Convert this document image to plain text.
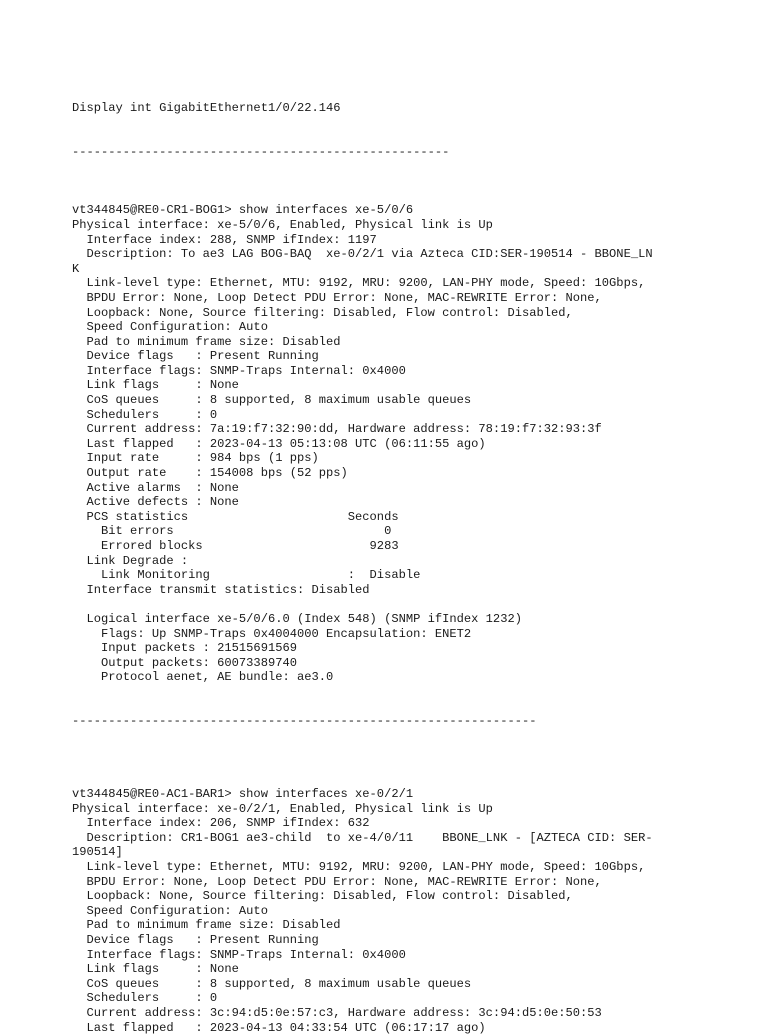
Display int GigabitEthernet1/0/22.146

----------------------------------------------------

vt344845@RE0-CR1-BOG1> show interfaces xe-5/0/6
Physical interface: xe-5/0/6, Enabled, Physical link is Up
Interface index: 288, SNMP ifIndex: 1197
Description: To ae3 LAG BOG-BAQ  xe-0/2/1 via Azteca CID:SER-190514 - BBONE_LN
K
Link-level type: Ethernet, MTU: 9192, MRU: 9200, LAN-PHY mode, Speed: 10Gbps,
BPDU Error: None, Loop Detect PDU Error: None, MAC-REWRITE Error: None,
Loopback: None, Source filtering: Disabled, Flow control: Disabled,
Speed Configuration: Auto
Pad to minimum frame size: Disabled
Device flags   : Present Running
Interface flags: SNMP-Traps Internal: 0x4000
Link flags     : None
CoS queues     : 8 supported, 8 maximum usable queues
Schedulers     : 0
Current address: 7a:19:f7:32:90:dd, Hardware address: 78:19:f7:32:93:3f
Last flapped   : 2023-04-13 05:13:08 UTC (06:11:55 ago)
Input rate     : 984 bps (1 pps)
Output rate    : 154008 bps (52 pps)
Active alarms  : None
Active defects : None
PCS statistics                      Seconds
Bit errors                             0
Errored blocks                       9283
Link Degrade :
Link Monitoring                   :  Disable
Interface transmit statistics: Disabled
Logical interface xe-5/0/6.0 (Index 548) (SNMP ifIndex 1232)
Flags: Up SNMP-Traps 0x4004000 Encapsulation: ENET2
Input packets : 21515691569
Output packets: 60073389740
Protocol aenet, AE bundle: ae3.0
----------------------------------------------------------------
vt344845@RE0-AC1-BAR1> show interfaces xe-0/2/1
Physical interface: xe-0/2/1, Enabled, Physical link is Up
Interface index: 206, SNMP ifIndex: 632
Description: CR1-BOG1 ae3-child  to xe-4/0/11    BBONE_LNK - [AZTECA CID: SER-
190514]
Link-level type: Ethernet, MTU: 9192, MRU: 9200, LAN-PHY mode, Speed: 10Gbps,
BPDU Error: None, Loop Detect PDU Error: None, MAC-REWRITE Error: None,
Loopback: None, Source filtering: Disabled, Flow control: Disabled,
Speed Configuration: Auto
Pad to minimum frame size: Disabled
Device flags   : Present Running
Interface flags: SNMP-Traps Internal: 0x4000
Link flags     : None
CoS queues     : 8 supported, 8 maximum usable queues
Schedulers     : 0
Current address: 3c:94:d5:0e:57:c3, Hardware address: 3c:94:d5:0e:50:53
Last flapped   : 2023-04-13 04:33:54 UTC (06:17:17 ago)
